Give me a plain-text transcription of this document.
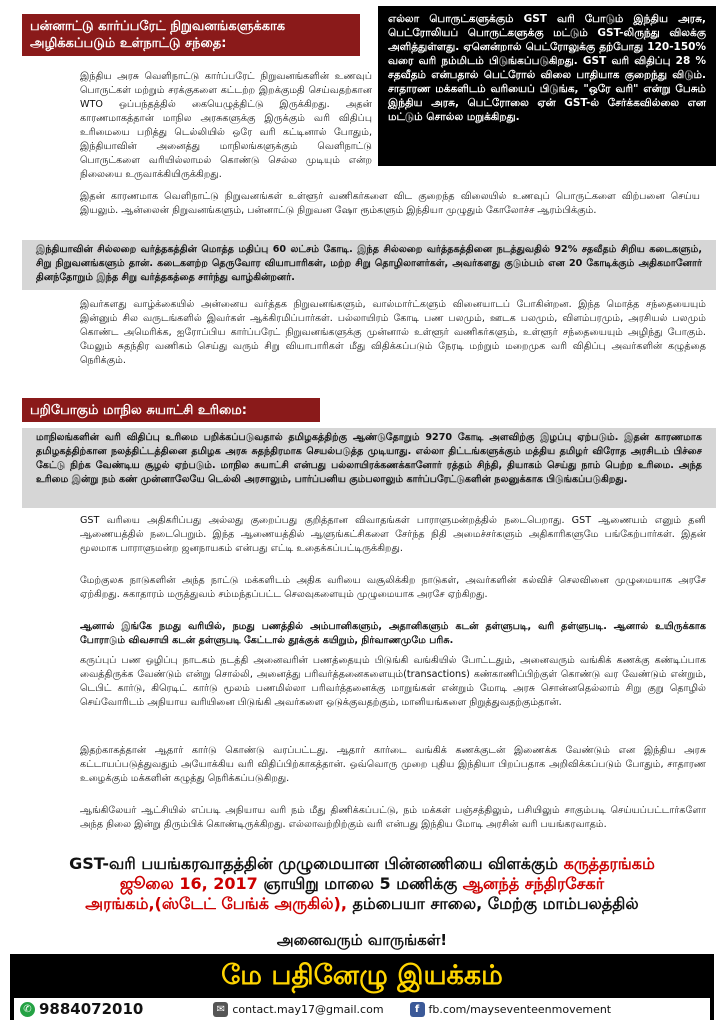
பன்னாட்டு கார்ப்பரேட் நிறுவனங்களுக்காக
அழிக்கப்படும் உள்நாட்டு சந்தை:
எல்லா பொருட்களுக்கும் GST வரி போடும் இந்திய அரசு, பெட்ரோலியப் பொருட்களுக்கு மட்டும் GST-லிருந்து விலக்கு அளித்துள்ளது. ஏனென்றால் பெட்ரோலுக்கு தற்போது 120-150% வரை வரி நம்மிடம் பிடுங்கப்படுகிறது. GST வரி விதிப்பு 28 % சதவீதம் என்பதால் பெட்ரோல் விலை பாதியாக குறைந்து விடும். சாதாரண மக்களிடம் வரியைப் பிடுங்க, "ஒரே வரி" என்று பேசும் இந்திய அரசு, பெட்ரோலை ஏன் GST-ல் சேர்க்கவில்லை என மட்டும் சொல்ல மறுக்கிறது.
இந்திய அரசு வெளிநாட்டு கார்ப்பரேட் நிறுவனங்களின் உணவுப் பொருட்கள் மற்றும் சரக்குகளை கட்டற்ற இறக்குமதி செய்வதற்கான WTO ஒப்பந்தத்தில் கையெழுத்திட்டு இருக்கிறது. அதன் காரணமாகத்தான் மாநில அரசுகளுக்கு இருக்கும் வரி விதிப்பு உரிமையை பறித்து டெல்லியில் ஒரே வரி கட்டினால் போதும், இந்தியாவின் அனைத்து மாநிலங்களுக்கும் வெளிநாட்டு பொருட்களை வரியில்லாமல் கொண்டு செல்ல முடியும் என்ற நிலையை உருவாக்கியிருக்கிறது.
இதன் காரணமாக வெளிநாட்டு நிறுவனங்கள் உள்ளூர் வணிகர்களை விட குறைந்த விலையில் உணவுப் பொருட்களை விற்பனை செய்ய இயலும். ஆன்லைன் நிறுவனங்களும், பன்னாட்டு நிறுவன ஷோ ரூம்களும் இந்தியா முழுதும் கோலோச்ச ஆரம்பிக்கும்.
இந்தியாவின் சில்லறை வர்த்தகத்தின் மொத்த மதிப்பு 60 லட்சம் கோடி. இந்த சில்லறை வர்த்தகத்தினை நடத்துவதில் 92% சதவீதம் சிறிய கடைகளும், சிறு நிறுவனங்களும் தான். கடைகளற்ற தெருவோர வியாபாரிகள், மற்ற சிறு தொழிலாளர்கள், அவர்களது குடும்பம் என 20 கோடிக்கும் அதிகமானோர் தினந்தோறும் இந்த சிறு வர்த்தகத்தை சார்ந்து வாழ்கின்றனர்.
இவர்களது வாழ்க்கையில் அன்னைய வர்த்தக நிறுவனங்களும், வால்மார்ட்களும் வினையாடப் போகின்றன. இந்த மொத்த சந்தையையும் இன்னும் சில வருடங்களில் இவர்கள் ஆக்கிரமிப்பார்கள். பல்லாயிரம் கோடி பண பலமும், ஊடக பலமும், விளம்பரமும், அரசியல் பலமும் கொண்ட அமெரிக்க, ஐரோப்பிய கார்ப்பரேட் நிறுவனங்களுக்கு முன்னால் உள்ளூர் வணிகர்களும், உள்ளூர் சந்தையையும் அழிந்து போகும். மேலும் சுதந்திர வணிகம் செய்து வரும் சிறு வியாபாரிகள் மீது விதிக்கப்படும் நேரடி மற்றும் மறைமுக வரி விதிப்பு அவர்களின் கழுத்தை நெரிக்கும்.
பறிபோகும் மாநில சுயாட்சி உரிமை:
மாநிலங்களின் வரி விதிப்பு உரிமை பறிக்கப்படுவதால் தமிழகத்திற்கு ஆண்டுதோறும் 9270 கோடி அளவிற்கு இழப்பு ஏற்படும். இதன் காரணமாக தமிழகத்திற்கான நலத்திட்டத்தினை தமிழக அரசு சுதந்திரமாக செயல்படுத்த முடியாது. எல்லா திட்டங்களுக்கும் மத்திய தமிழர் விரோத அரசிடம் பிச்சை கேட்டு நிற்க வேண்டிய சூழல் ஏற்படும். மாநில சுயாட்சி என்பது பல்லாயிரக்கணக்கானோர் ரத்தம் சிந்தி, தியாகம் செய்து நாம் பெற்ற உரிமை. அந்த உரிமை இன்று நம் கண் முன்னாலேயே டெல்லி அரசாலும், பார்ப்பனிய கும்பலாலும் கார்ப்பரேட்டுகளின் நலனுக்காக பிடுங்கப்படுகிறது.
GST வரியை அதிகரிப்பது அல்லது குறைப்பது குறித்தான விவாதங்கள் பாராளுமன்றத்தில் நடைபெறாது. GST ஆணையம் எனும் தனி ஆணையத்தில் நடைபெறும். இந்த ஆணையத்தில் ஆளுங்கட்சிகளை சேர்ந்த நிதி அமைச்சர்களும் அதிகாரிகளுமே பங்கேற்பார்கள். இதன் மூலமாக பாராளுமன்ற ஜனநாயகம் என்பது எட்டி உதைக்கப்பட்டிருக்கிறது.
மேற்குலக நாடுகளின் அந்த நாட்டு மக்களிடம் அதிக வரியை வசூலிக்கிற நாடுகள், அவர்களின் கல்விச் செலவினை முழுமையாக அரசே ஏற்கிறது. சுகாதாரம் மருத்துவம் சம்மந்தப்பட்ட செலவுகளையும் முழுமையாக அரசே ஏற்கிறது.
ஆனால் இங்கே நமது வரியில், நமது பணத்தில் அம்பானிகளும், அதானிகளும் கடன் தள்ளுபடி, வரி தள்ளுபடி. ஆனால் உயிருக்காக போராடும் விவசாயி கடன் தள்ளுபடி கேட்டால் தூக்குக் கயிறும், நிர்வாணமுமே பரிசு.
கருப்புப் பண ஒழிப்பு நாடகம் நடத்தி அனைவரின் பணத்தையும் பிடுங்கி வங்கியில் போட்டதும், அனைவரும் வங்கிக் கணக்கு கண்டிப்பாக வைத்திருக்க வேண்டும் என்று சொல்லி, அனைத்து பரிவர்த்தனைகளையும்(transactions) கண்காணிப்பிற்குள் கொண்டு வர வேண்டும் என்றும், டெபிட் கார்டு, கிரெடிட் கார்டு மூலம் பணமில்லா பரிவர்த்தனைக்கு மாறுங்கள் என்றும் மோடி அரசு சொன்னதெல்லாம் சிறு குறு தொழில் செய்வோரிடம் அநியாய வரியினை பிடுங்கி அவர்களை ஒடுக்குவதற்கும், மானியங்களை நிறுத்துவதற்கும்தான்.
இதற்காகத்தான் ஆதார் கார்டு கொண்டு வரப்பட்டது. ஆதார் கார்டை வங்கிக் கணக்குடன் இணைக்க வேண்டும் என இந்திய அரசு கட்டாயப்படுத்துவதும் அயோக்கிய வரி விதிப்பிற்காகத்தான். ஒவ்வொரு முறை புதிய இந்தியா பிறப்பதாக அறிவிக்கப்படும் போதும், சாதாரண உழைக்கும் மக்களின் கழுத்து நெரிக்கப்படுகிறது.
ஆங்கிலேயர் ஆட்சியில் எப்படி அநியாய வரி நம் மீது திணிக்கப்பட்டு, நம் மக்கள் பஞ்சத்திலும், பசியிலும் சாகும்படி செய்யப்பட்டார்களோ அந்த நிலை இன்று திரும்பிக் கொண்டிருக்கிறது. எல்லாவற்றிற்கும் வரி என்பது இந்திய மோடி அரசின் வரி பயங்கரவாதம்.
GST-வரி பயங்கரவாதத்தின் முழுமையான பின்னணியை விளக்கும் கருத்தரங்கம்
ஜூலை 16, 2017 ஞாயிறு மாலை 5 மணிக்கு ஆனந்த் சந்திரசேகர்
அரங்கம்,(ஸ்டேட் பேங்க் அருகில்), தம்பையா சாலை, மேற்கு மாம்பலத்தில்
அனைவரும் வாருங்கள்!
மே பதினேழு இயக்கம்
✆ 9884072010	✉ contact.may17@gmail.com	f fb.com/mayseventeenmovement
